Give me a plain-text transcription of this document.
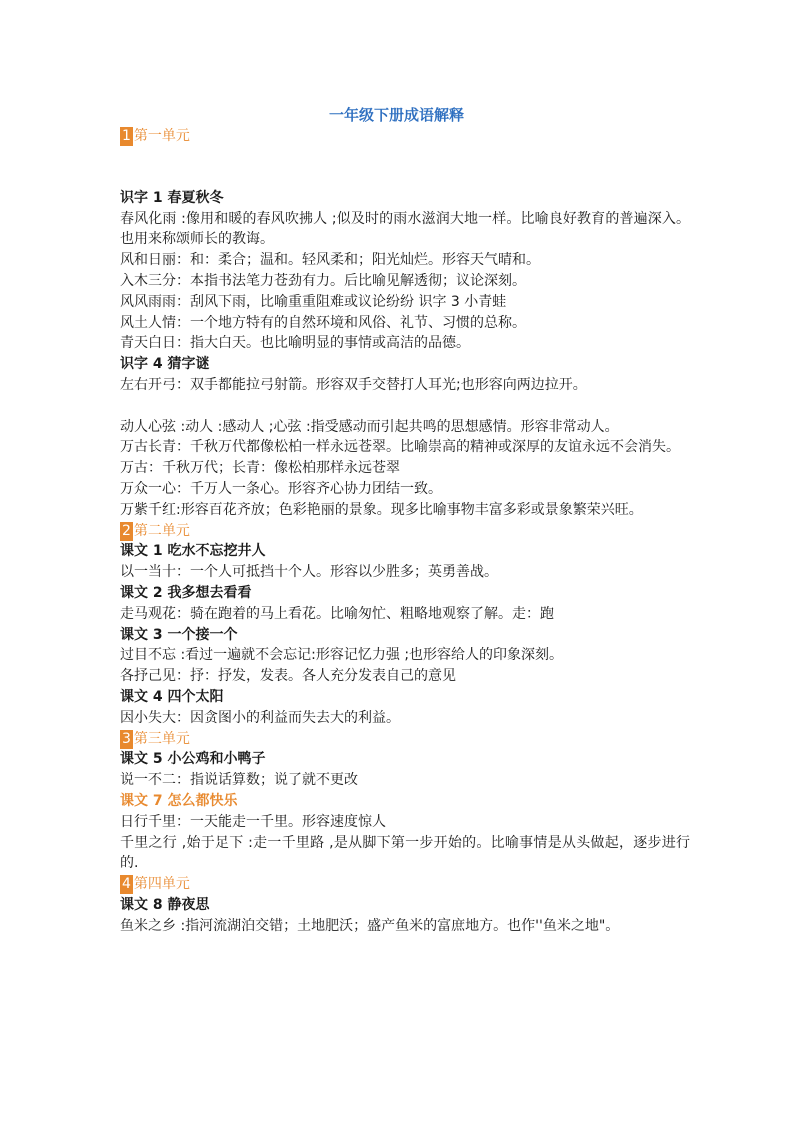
一年级下册成语解释
1 第一单元
识字 1 春夏秋冬
春风化雨 :像用和暖的春风吹拂人 ;似及时的雨水滋润大地一样。比喻良好教育的普遍深入。也用来称颂师长的教诲。
风和日丽：和：柔合；温和。轻风柔和；阳光灿烂。形容天气晴和。
入木三分：本指书法笔力苍劲有力。后比喻见解透彻；议论深刻。
风风雨雨：刮风下雨，比喻重重阻难或议论纷纷 识字 3 小青蛙
风土人情：一个地方特有的自然环境和风俗、礼节、习惯的总称。
青天白日：指大白天。也比喻明显的事情或高洁的品德。
识字 4 猜字谜
左右开弓：双手都能拉弓射箭。形容双手交替打人耳光;也形容向两边拉开。
动人心弦 :动人 :感动人 ;心弦 :指受感动而引起共鸣的思想感情。形容非常动人。
万古长青：千秋万代都像松柏一样永远苍翠。比喻崇高的精神或深厚的友谊永远不会消失。
万古：千秋万代；长青：像松柏那样永远苍翠
万众一心：千万人一条心。形容齐心协力团结一致。
万紫千红:形容百花齐放；色彩艳丽的景象。现多比喻事物丰富多彩或景象繁荣兴旺。
2 第二单元
课文 1 吃水不忘挖井人
以一当十：一个人可抵挡十个人。形容以少胜多；英勇善战。
课文 2 我多想去看看
走马观花：骑在跑着的马上看花。比喻匆忙、粗略地观察了解。走：跑
课文 3 一个接一个
过目不忘 :看过一遍就不会忘记:形容记忆力强 ;也形容给人的印象深刻。
各抒己见：抒：抒发，发表。各人充分发表自己的意见
课文 4 四个太阳
因小失大：因贪图小的利益而失去大的利益。
3 第三单元
课文 5 小公鸡和小鸭子
说一不二：指说话算数；说了就不更改
课文 7 怎么都快乐
日行千里：一天能走一千里。形容速度惊人
千里之行 ,始于足下 :走一千里路 ,是从脚下第一步开始的。比喻事情是从头做起，逐步进行的.
4 第四单元
课文 8 静夜思
鱼米之乡 :指河流湖泊交错；土地肥沃；盛产鱼米的富庶地方。也作''鱼米之地"。
